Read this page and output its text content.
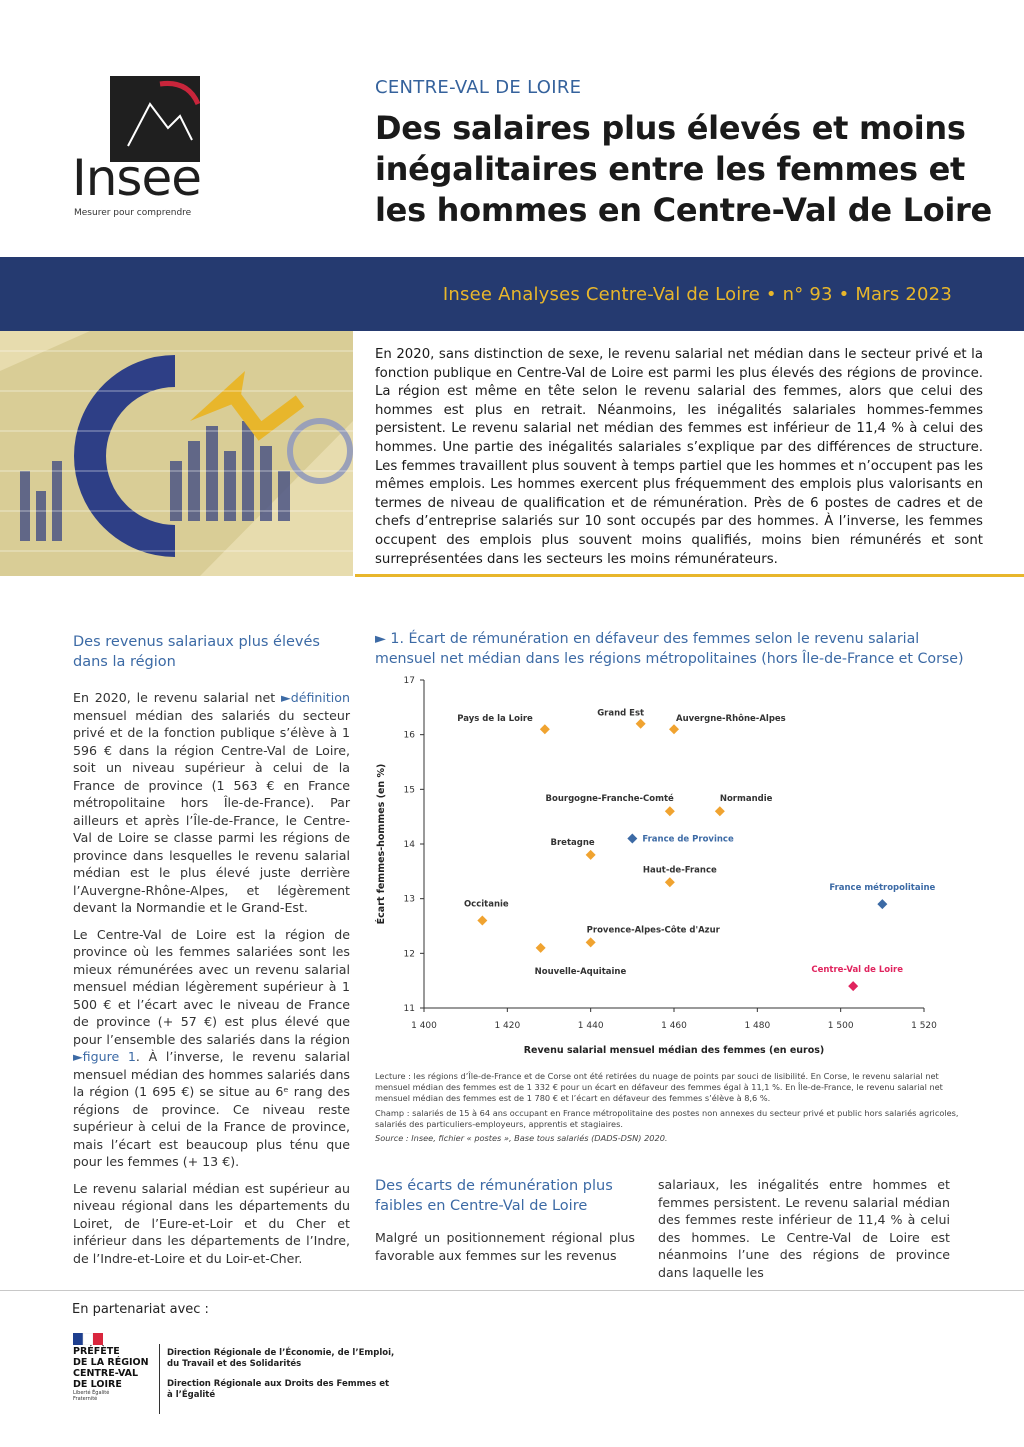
Insee
Mesurer pour comprendre
CENTRE-VAL DE LOIRE
Des salaires plus élevés et moins
inégalitaires entre les femmes et
les hommes en Centre-Val de Loire
Insee Analyses Centre-Val de Loire • n° 93 • Mars 2023
En 2020, sans distinction de sexe, le revenu salarial net médian dans le secteur privé et la fonction publique en Centre-Val de Loire est parmi les plus élevés des régions de province. La région est même en tête selon le revenu salarial des femmes, alors que celui des hommes est plus en retrait. Néanmoins, les inégalités salariales hommes-femmes persistent. Le revenu salarial net médian des femmes est inférieur de 11,4 % à celui des hommes. Une partie des inégalités salariales s’explique par des différences de structure. Les femmes travaillent plus souvent à temps partiel que les hommes et n’occupent pas les mêmes emplois. Les hommes exercent plus fréquemment des emplois plus valorisants en termes de niveau de qualification et de rémunération. Près de 6 postes de cadres et de chefs d’entreprise salariés sur 10 sont occupés par des hommes. À l’inverse, les femmes occupent des emplois plus souvent moins qualifiés, moins bien rémunérés et sont surreprésentées dans les secteurs les moins rémunérateurs.
Des revenus salariaux plus élevés dans la région

En 2020, le revenu salarial net ►définition mensuel médian des salariés du secteur privé et de la fonction publique s’élève à 1 596 € dans la région Centre-Val de Loire, soit un niveau supérieur à celui de la France de province (1 563 € en France métropolitaine hors Île-de-France). Par ailleurs et après l’Île-de-France, le Centre-Val de Loire se classe parmi les régions de province dans lesquelles le revenu salarial médian est le plus élevé juste derrière l’Auvergne-Rhône-Alpes, et légèrement devant la Normandie et le Grand-Est.

Le Centre-Val de Loire est la région de province où les femmes salariées sont les mieux rémunérées avec un revenu salarial mensuel médian légèrement supérieur à 1 500 € et l’écart avec le niveau de France de province (+ 57 €) est plus élevé que pour l’ensemble des salariés dans la région ►figure 1. À l’inverse, le revenu salarial mensuel médian des hommes salariés dans la région (1 695 €) se situe au 6ᵉ rang des régions de province. Ce niveau reste supérieur à celui de la France de province, mais l’écart est beaucoup plus ténu que pour les femmes (+ 13 €).

Le revenu salarial médian est supérieur au niveau régional dans les départements du Loiret, de l’Eure-et-Loir et du Cher et inférieur dans les départements de l’Indre, de l’Indre-et-Loire et du Loir-et-Cher.

► 1. Écart de rémunération en défaveur des femmes selon le revenu salarial mensuel net médian dans les régions métropolitaines (hors Île-de-France et Corse)
11
12
13
14
15
16
17
1 400	1 420	1 440	1 460	1 480	1 500	1 520
Revenu salarial mensuel médian des femmes (en euros)
Écart femmes-hommes (en %)
Pays de la Loire
Grand Est
Auvergne-Rhône-Alpes
Bourgogne-Franche-Comté	Normandie
Bretagne	France de Province
Haut-de-France
France métropolitaine
Occitanie
Provence-Alpes-Côte d'Azur
Nouvelle-Aquitaine	Centre-Val de Loire

Lecture : les régions d’Île-de-France et de Corse ont été retirées du nuage de points par souci de lisibilité. En Corse, le revenu salarial net mensuel médian des femmes est de 1 332 € pour un écart en défaveur des femmes égal à 11,1 %. En Île-de-France, le revenu salarial net mensuel médian des femmes est de 1 780 € et l’écart en défaveur des femmes s’élève à 8,6 %.

Champ : salariés de 15 à 64 ans occupant en France métropolitaine des postes non annexes du secteur privé et public hors salariés agricoles, salariés des particuliers-employeurs, apprentis et stagiaires.

Source : Insee, fichier « postes », Base tous salariés (DADS-DSN) 2020.

Des écarts de rémunération plus faibles en Centre-Val de Loire
Malgré un positionnement régional plus favorable aux femmes sur les revenus
salariaux, les inégalités entre hommes et femmes persistent. Le revenu salarial médian des femmes reste inférieur de 11,4 % à celui des hommes. Le Centre-Val de Loire est néanmoins l’une des régions de province dans laquelle les
En partenariat avec :
PRÉFÈTE
DE LA RÉGION
CENTRE-VAL
DE LOIRE
Liberté Égalité Fraternité
Direction Régionale de l’Économie, de l’Emploi, du Travail et des Solidarités
Direction Régionale aux Droits des Femmes et à l’Égalité
